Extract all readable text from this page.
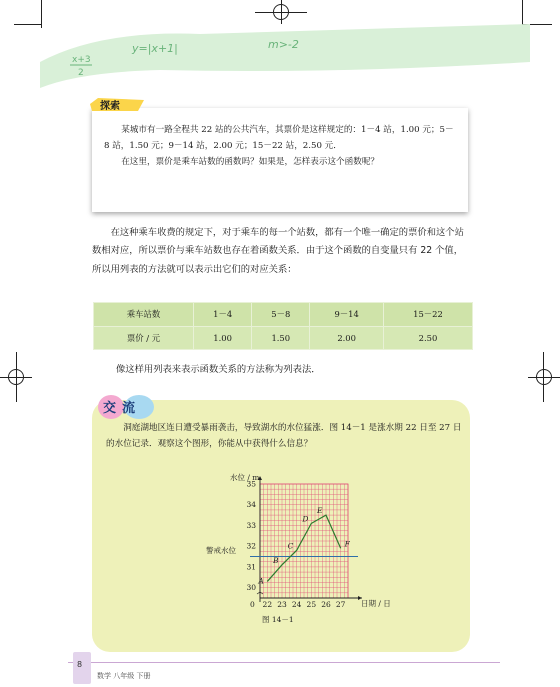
x+3
2
y=|x+1|	m>-2

某城市有一路全程共 22 站的公共汽车，其票价是这样规定的：1－4 站，1.00 元；5－8 站，1.50 元；9－14 站，2.00 元；15－22 站，2.50 元．

在这里，票价是乘车站数的函数吗？如果是，怎样表示这个函数呢？

探索

在这种乘车收费的规定下，对于乘车的每一个站数，都有一个唯一确定的票价和这个站数相对应，所以票价与乘车站数也存在着函数关系．由于这个函数的自变量只有 22 个值，所以用列表的方法就可以表示出它们的对应关系：

乘车站数	1－4	5－8	9－14	15－22
票价 / 元	1.00	1.50	2.00	2.50

像这样用列表来表示函数关系的方法称为列表法．

交流

洞庭湖地区连日遭受暴雨袭击，导致湖水的水位猛涨．图 14－1 是涨水期 22 日至 27 日的水位记录．观察这个图形，你能从中获得什么信息？

22 23 24 25 26 27
30
31
32
33
34
35
A
B
C
D
E
F
水位 / m
日期 / 日
0
警戒水位
图 14－1
8
数学 八年级 下册
